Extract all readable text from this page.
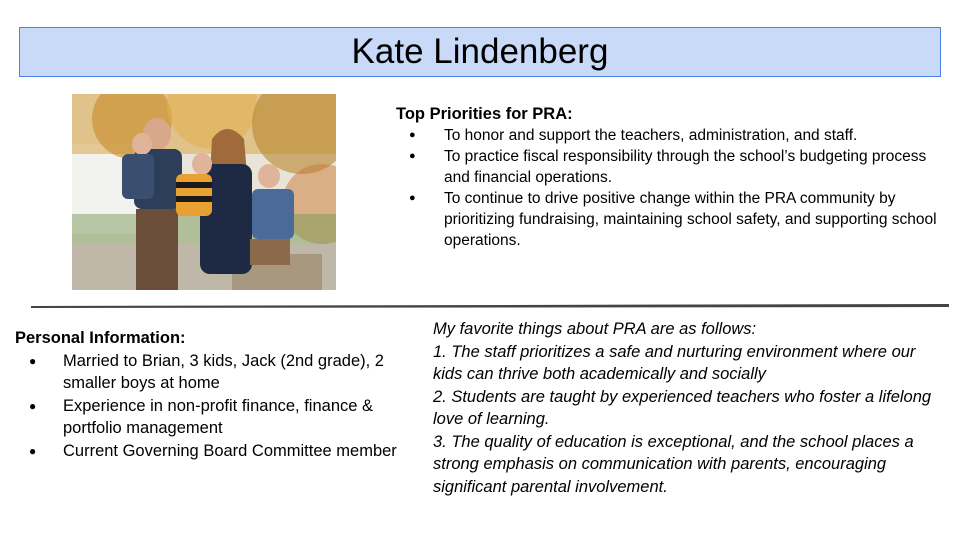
Kate Lindenberg
Top Priorities for PRA:
● To honor and support the teachers, administration, and staff.
● To practice fiscal responsibility through the school’s budgeting process and financial operations.
● To continue to drive positive change within the PRA community by prioritizing fundraising, maintaining school safety, and supporting school operations.
Personal Information:
● Married to Brian, 3 kids, Jack (2nd grade), 2 smaller boys at home
● Experience in non-profit finance, finance & portfolio management
● Current Governing Board Committee member

My favorite things about PRA are as follows:

1. The staff prioritizes a safe and nurturing environment where our kids can thrive both academically and socially

2. Students are taught by experienced teachers who foster a lifelong love of learning.

3. The quality of education is exceptional, and the school places a strong emphasis on communication with parents, encouraging significant parental involvement.
